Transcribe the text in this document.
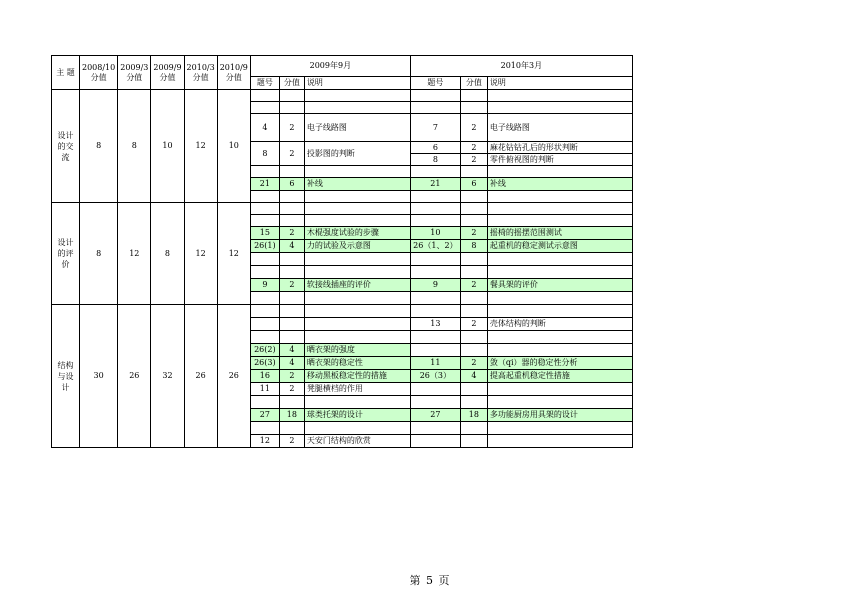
主 题	2008/10分值	2009/3分值	2009/9分值	2010/3分值	2010/9分值	2009年9月			2010年3月		
						题号	分值	说明	题号	分值	说明
设计的交流	8	8	10	12	10						

						4	2	电子线路图	7	2	电子线路图
						8	2	投影图的判断	6	2	麻花钻钻孔后的形状判断
									8	2	零件俯视图的判断

						21	6	补线	21	6	补线

设计的评价	8	12	8	12	12						

						15	2	木棍强度试验的步骤	10	2	摇椅的摇摆范围测试
						26(1)	4	力的试验及示意图	26（1、2）	8	起重机的稳定测试示意图

						9	2	软接线插座的评价	9	2	餐具架的评价

结构与设计	30	26	32	26	26						
									13	2	壳体结构的判断

						26(2)	4	晒衣架的强度			
						26(3)	4	晒衣架的稳定性	11	2	敛（qi）器的稳定性分析
						16	2	移动黑板稳定性的措施	26（3）	4	提高起重机稳定性措施
						11	2	凳腿横档的作用			

						27	18	球类托架的设计	27	18	多功能厨房用具架的设计

						12	2	天安门结构的欣赏			
第 5 页
